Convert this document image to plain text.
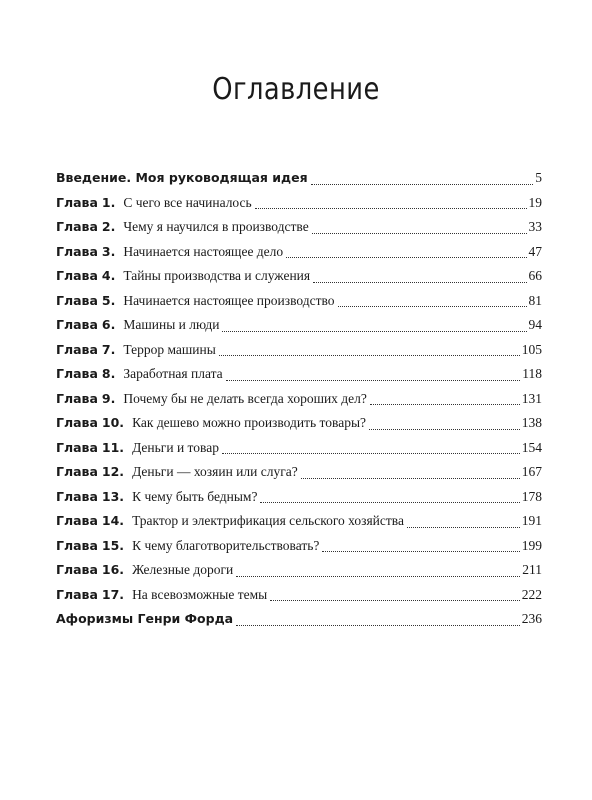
Оглавление
Введение. Моя руководящая идея	5
Глава 1. С чего все начиналось	19
Глава 2. Чему я научился в производстве	33
Глава 3. Начинается настоящее дело	47
Глава 4. Тайны производства и служения	66
Глава 5. Начинается настоящее производство	81
Глава 6. Машины и люди	94
Глава 7. Террор машины	105
Глава 8. Заработная плата	118
Глава 9. Почему бы не делать всегда хороших дел?	131
Глава 10. Как дешево можно производить товары?	138
Глава 11. Деньги и товар	154
Глава 12. Деньги — хозяин или слуга?	167
Глава 13. К чему быть бедным?	178
Глава 14. Трактор и электрификация сельского хозяйства	191
Глава 15. К чему благотворительствовать?	199
Глава 16. Железные дороги	211
Глава 17. На всевозможные темы	222
Афоризмы Генри Форда	236
